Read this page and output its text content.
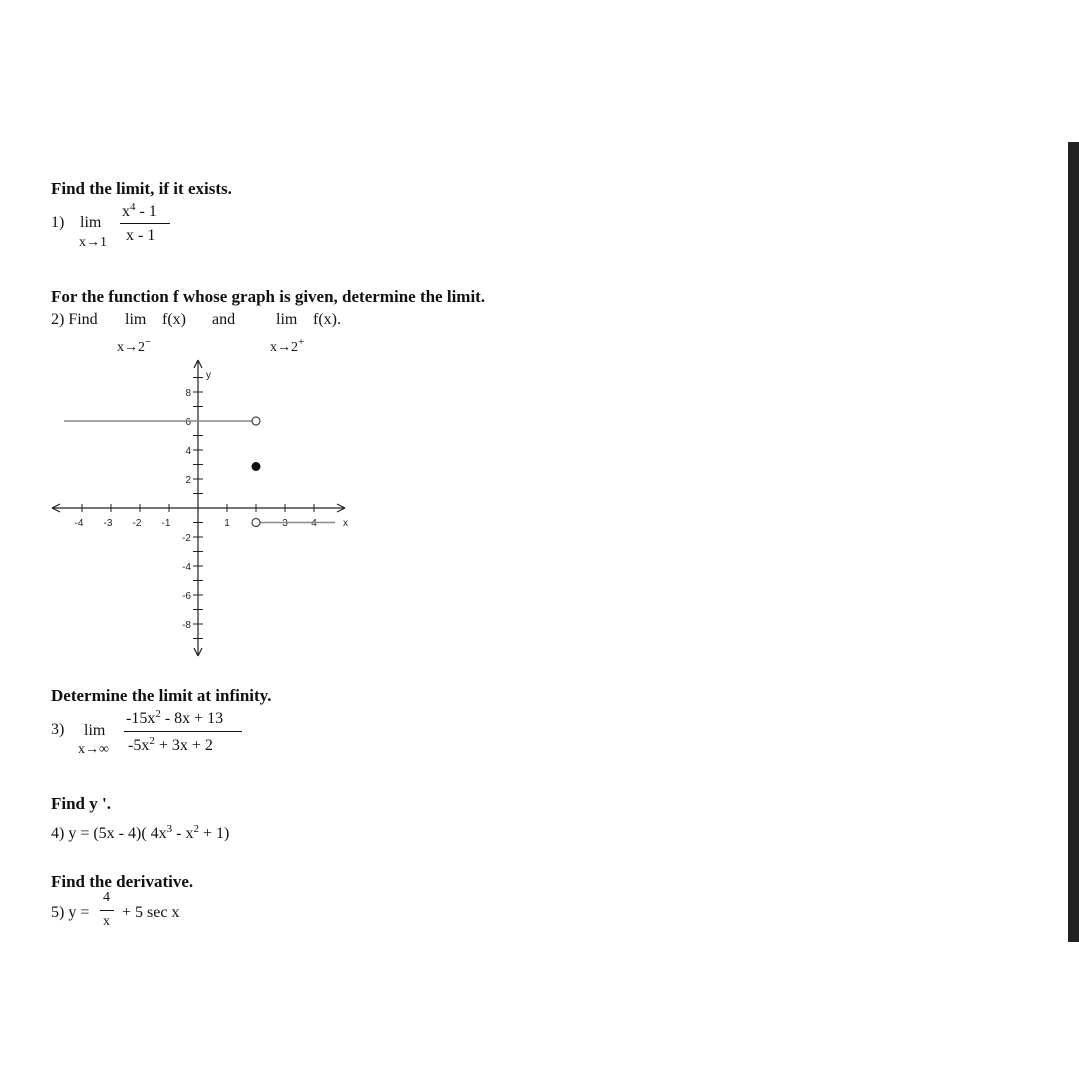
Find the limit, if it exists.
1) lim
x→1
$x^4 - 1$
x - 1
For the function f whose graph is given, determine the limit.
2) Find lim f(x) and	lim f(x).
x→2−	x→2+
-4 -3 -2 -1	1	3 4
8
6
4
2
-2
-4
-6
-8
x
y
Determine the limit at infinity.
3) lim
x→∞
$-15x^2 - 8x + 13$
$-5x^2 + 3x + 2$
Find y '.
4) y = (5x - 4)( $4x^3 - x^2 + 1$)
Find the derivative.
5) y =
4
x
+ 5 sec x
